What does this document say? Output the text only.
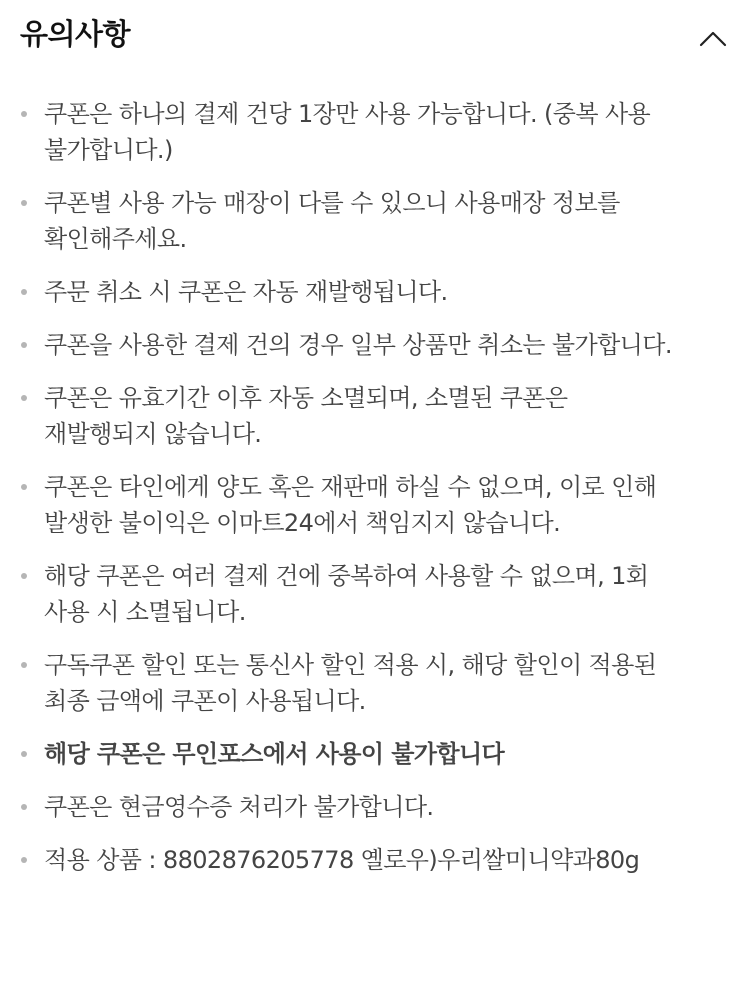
유의사항
쿠폰은 하나의 결제 건당 1장만 사용 가능합니다. (중복 사용
불가합니다.)
쿠폰별 사용 가능 매장이 다를 수 있으니 사용매장 정보를
확인해주세요.
주문 취소 시 쿠폰은 자동 재발행됩니다.
쿠폰을 사용한 결제 건의 경우 일부 상품만 취소는 불가합니다.
쿠폰은 유효기간 이후 자동 소멸되며, 소멸된 쿠폰은
재발행되지 않습니다.
쿠폰은 타인에게 양도 혹은 재판매 하실 수 없으며, 이로 인해
발생한 불이익은 이마트24에서 책임지지 않습니다.
해당 쿠폰은 여러 결제 건에 중복하여 사용할 수 없으며, 1회
사용 시 소멸됩니다.
구독쿠폰 할인 또는 통신사 할인 적용 시, 해당 할인이 적용된
최종 금액에 쿠폰이 사용됩니다.
해당 쿠폰은 무인포스에서 사용이 불가합니다
쿠폰은 현금영수증 처리가 불가합니다.
적용 상품 : 8802876205778 옐로우)우리쌀미니약과80g
